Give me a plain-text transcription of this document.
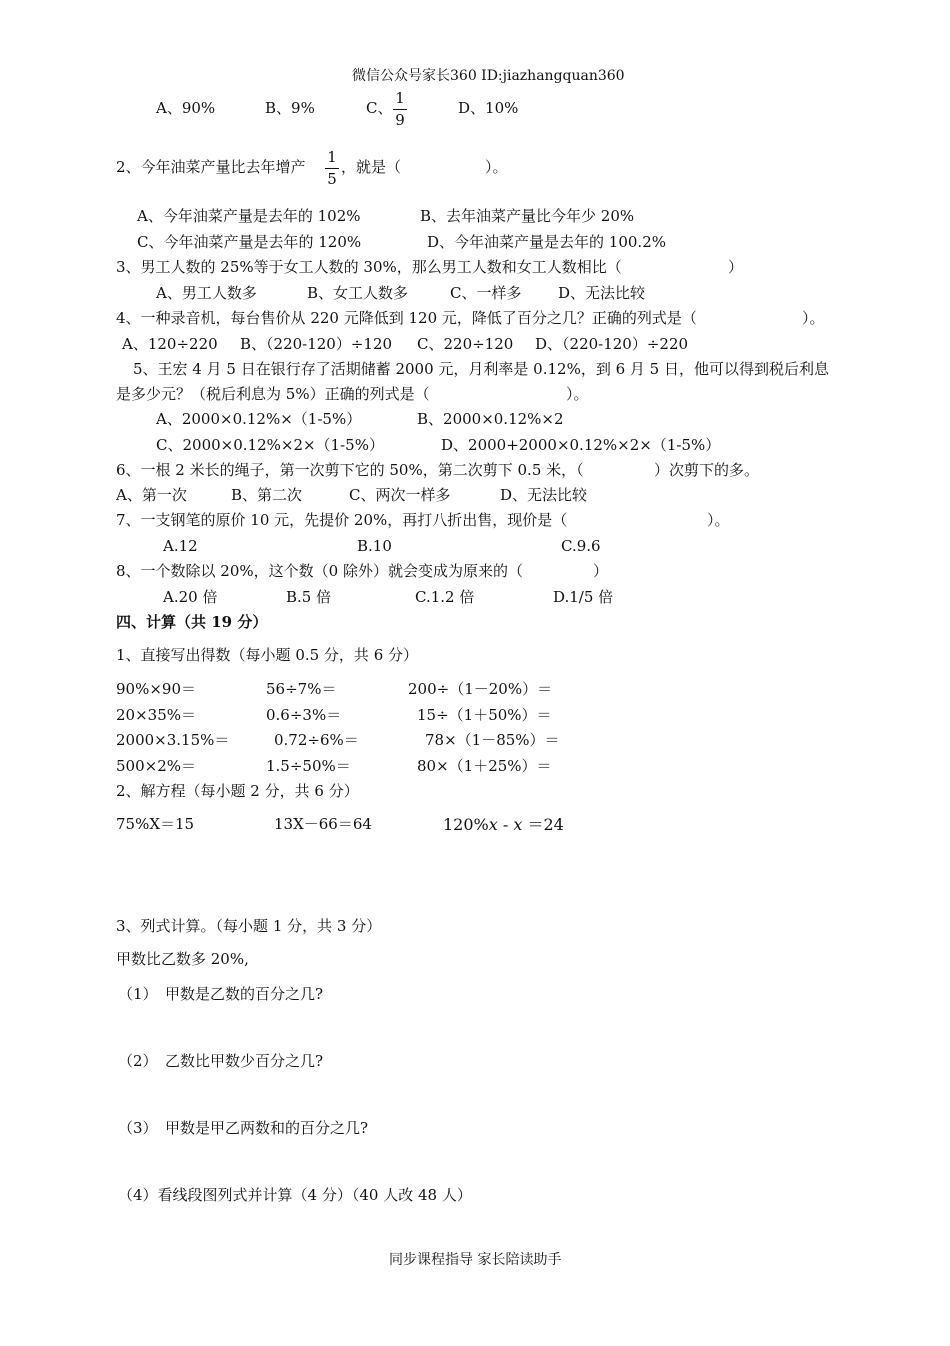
微信公众号家长360 ID:jiazhangquan360
A、90%	B、9%	C、
1
9
D、10%
2、今年油菜产量比去年增产
1
5
，就是（	）。
A、今年油菜产量是去年的 102%	B、去年油菜产量比今年少 20%
C、今年油菜产量是去年的 120%	D、今年油菜产量是去年的 100.2%
3、男工人数的 25%等于女工人数的 30%，那么男工人数和女工人数相比（	）
A、男工人数多	B、女工人数多	C、一样多 D、无法比较
4、一种录音机，每台售价从 220 元降低到 120 元，降低了百分之几？正确的列式是（	）。
A、120÷220 B、（220-120）÷120 C、220÷120 D、（220-120）÷220
5、王宏 4 月 5 日在银行存了活期储蓄 2000 元，月利率是 0.12%，到 6 月 5 日，他可以得到税后利息
是多少元？（税后利息为 5%）正确的列式是（	）。
A、2000×0.12%×（1-5%）	B、2000×0.12%×2
C、2000×0.12%×2×（1-5%）	D、2000+2000×0.12%×2×（1-5%）
6、一根 2 米长的绳子，第一次剪下它的 50%，第二次剪下 0.5 米，（	）次剪下的多。
A、第一次	B、第二次	C、两次一样多	D、无法比较
7、一支钢笔的原价 10 元，先提价 20%，再打八折出售，现价是（	）。
A.12	B.10	C.9.6
8、一个数除以 20%，这个数（0 除外）就会变成为原来的（	）
A.20 倍	B.5 倍	C.1.2 倍	D.1/5 倍
四、计算（共 19 分）
1、直接写出得数（每小题 0.5 分，共 6 分）
90%×90＝	56÷7%＝	200÷（1－20%）＝
20×35%＝	0.6÷3%＝	15÷（1＋50%）＝
2000×3.15%＝	0.72÷6%＝	78×（1－85%）＝
500×2%＝	1.5÷50%＝	80×（1＋25%）＝
2、解方程（每小题 2 分，共 6 分）
75%X＝15	13X－66＝64	120%x - x ＝24
3、列式计算。（每小题 1 分，共 3 分）
甲数比乙数多 20%,
（1）　甲数是乙数的百分之几?
（2）　乙数比甲数少百分之几?
（3）　甲数是甲乙两数和的百分之几?
（4）看线段图列式并计算（4 分）（40 人改 48 人）
同步课程指导 家长陪读助手
